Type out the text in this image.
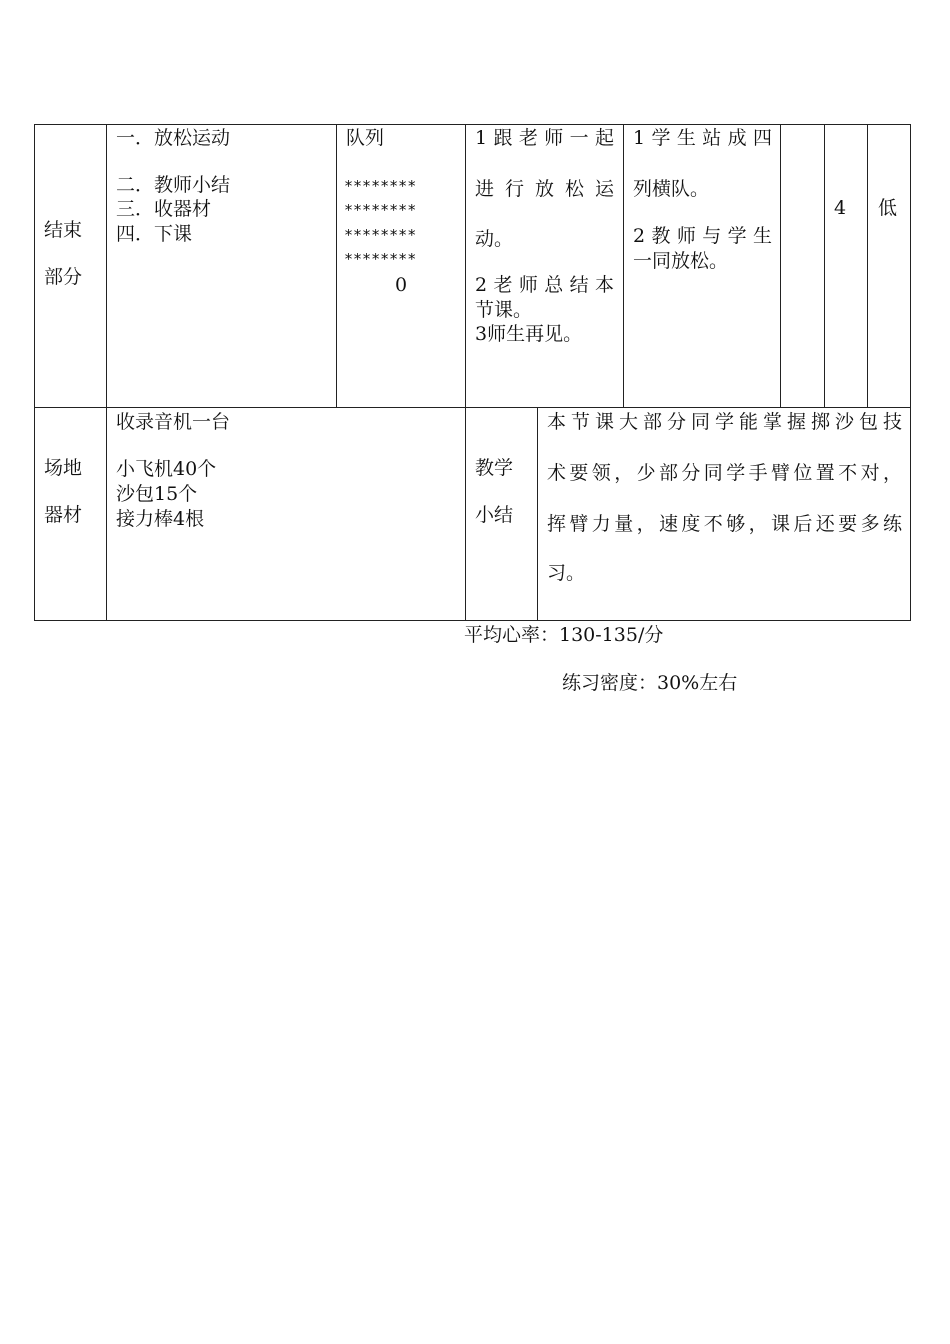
结束
部分
一．放松运动
二．教师小结
三．收器材
四．下课
队列
********
********
********
********
0
1跟老师一起
进行放松运
动。
2老师总结本
节课。
3师生再见。
1学生站成四
列横队。
2教师与学生
一同放松。
4 低
场地
器材
收录音机一台
小飞机40个
沙包15个
接力棒4根
教学
小结
本节课大部分同学能掌握掷沙包技
术要领，少部分同学手臂位置不对，
挥臂力量，速度不够，课后还要多练
习。
平均心率：130-135/分
练习密度：30%左右
